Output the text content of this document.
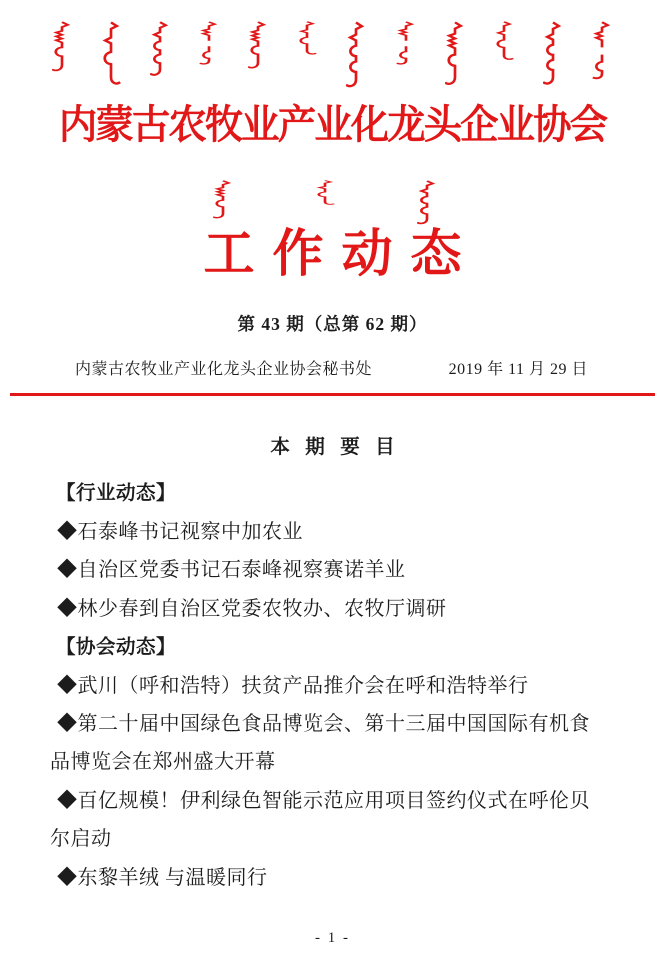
内蒙古农牧业产业化龙头企业协会
工作动态
第 43 期（总第 62 期）
内蒙古农牧业产业化龙头企业协会秘书处	2019 年 11 月 29 日
本 期 要 目
【行业动态】
◆石泰峰书记视察中加农业
◆自治区党委书记石泰峰视察赛诺羊业
◆林少春到自治区党委农牧办、农牧厅调研
【协会动态】
◆武川（呼和浩特）扶贫产品推介会在呼和浩特举行
◆第二十届中国绿色食品博览会、第十三届中国国际有机食
品博览会在郑州盛大开幕
◆百亿规模！伊利绿色智能示范应用项目签约仪式在呼伦贝
尔启动
◆东黎羊绒 与温暖同行
- 1 -
